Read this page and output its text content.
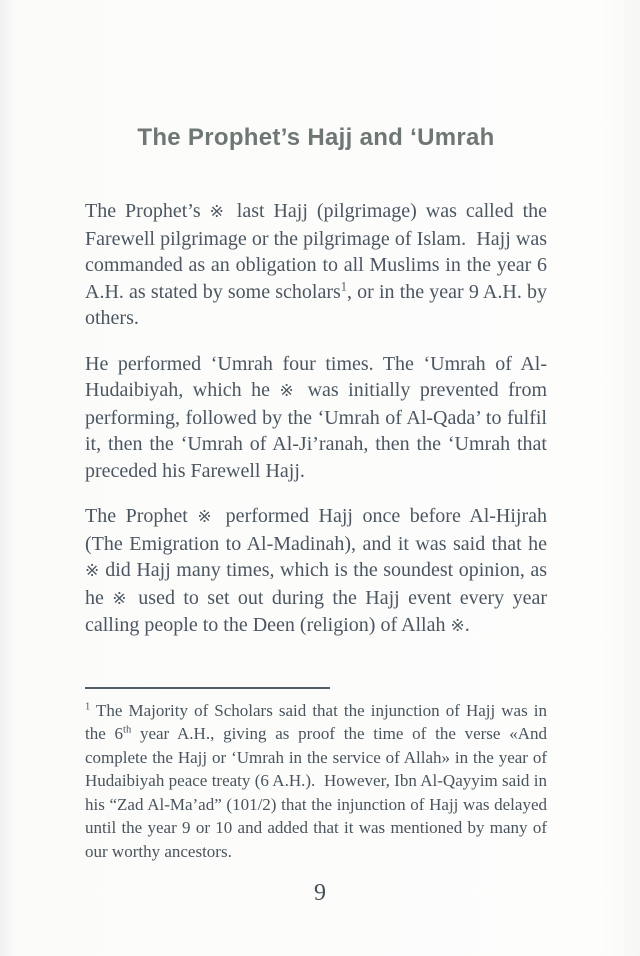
The Prophet’s Hajj and ‘Umrah

The Prophet’s ※ last Hajj (pilgrimage) was called the Farewell pilgrimage or the pilgrimage of Islam.  Hajj was commanded as an obligation to all Muslims in the year 6 A.H. as stated by some scholars$^1$, or in the year 9 A.H. by others.

He performed ‘Umrah four times. The ‘Umrah of Al-Hudaibiyah, which he ※ was initially prevented from performing, followed by the ‘Umrah of Al-Qada’ to fulfil it, then the ‘Umrah of Al-Ji’ranah, then the ‘Umrah that preceded his Farewell Hajj.

The Prophet ※ performed Hajj once before Al-Hijrah (The Emigration to Al-Madinah), and it was said that he ※ did Hajj many times, which is the soundest opinion, as he ※ used to set out during the Hajj event every year calling people to the Deen (religion) of Allah ※.

$^1$ The Majority of Scholars said that the injunction of Hajj was in the 6th year A.H., giving as proof the time of the verse «And complete the Hajj or ‘Umrah in the service of Allah» in the year of Hudaibiyah peace treaty (6 A.H.).  However, Ibn Al-Qayyim said in his “Zad Al-Ma’ad” (101/2) that the injunction of Hajj was delayed until the year 9 or 10 and added that it was mentioned by many of our worthy ancestors.

9
